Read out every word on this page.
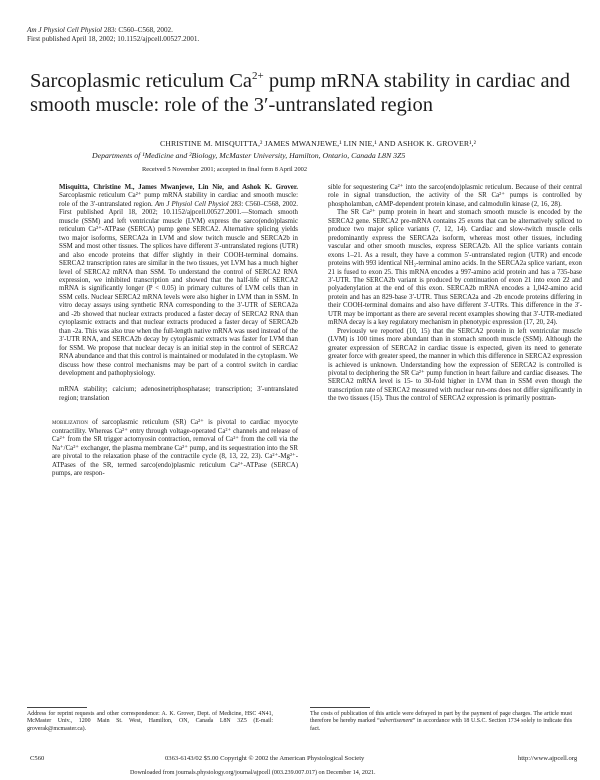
Am J Physiol Cell Physiol 283: C560–C568, 2002.
First published April 18, 2002; 10.1152/ajpcell.00527.2001.
Sarcoplasmic reticulum $Ca^{2+}$ pump mRNA stability in cardiac and smooth muscle: role of the 3′-untranslated region
CHRISTINE M. MISQUITTA,² JAMES MWANJEWE,¹ LIN NIE,¹ AND ASHOK K. GROVER¹,²
Departments of ¹Medicine and ²Biology, McMaster University, Hamilton, Ontario, Canada L8N 3Z5
Received 5 November 2001; accepted in final form 8 April 2002

Misquitta, Christine M., James Mwanjewe, Lin Nie, and Ashok K. Grover. Sarcoplasmic reticulum Ca²⁺ pump mRNA stability in cardiac and smooth muscle: role of the 3′-untranslated region. Am J Physiol Cell Physiol 283: C560–C568, 2002. First published April 18, 2002; 10.1152/ajpcell.00527.2001.—Stomach smooth muscle (SSM) and left ventricular muscle (LVM) express the sarco(endo)plasmic reticulum Ca²⁺-ATPase (SERCA) pump gene SERCA2. Alternative splicing yields two major isoforms, SERCA2a in LVM and slow twitch muscle and SERCA2b in SSM and most other tissues. The splices have different 3′-untranslated regions (UTR) and also encode proteins that differ slightly in their COOH-terminal domains. SERCA2 transcription rates are similar in the two tissues, yet LVM has a much higher level of SERCA2 mRNA than SSM. To understand the control of SERCA2 RNA expression, we inhibited transcription and showed that the half-life of SERCA2 mRNA is significantly longer (P < 0.05) in primary cultures of LVM cells than in SSM cells. Nuclear SERCA2 mRNA levels were also higher in LVM than in SSM. In vitro decay assays using synthetic RNA corresponding to the 3′-UTR of SERCA2a and -2b showed that nuclear extracts produced a faster decay of SERCA2 RNA than cytoplasmic extracts and that nuclear extracts produced a faster decay of SERCA2b than -2a. This was also true when the full-length native mRNA was used instead of the 3′-UTR RNA, and SERCA2b decay by cytoplasmic extracts was faster for LVM than for SSM. We propose that nuclear decay is an initial step in the control of SERCA2 RNA abundance and that this control is maintained or modulated in the cytoplasm. We discuss how these control mechanisms may be part of a control switch in cardiac development and pathophysiology.

mRNA stability; calcium; adenosinetriphosphatase; transcription; 3′-untranslated region; translation

mobilization of sarcoplasmic reticulum (SR) Ca²⁺ is pivotal to cardiac myocyte contractility. Whereas Ca²⁺ entry through voltage-operated Ca²⁺ channels and release of Ca²⁺ from the SR trigger actomyosin contraction, removal of Ca²⁺ from the cell via the Na⁺/Ca²⁺ exchanger, the plasma membrane Ca²⁺ pump, and its sequestration into the SR are pivotal to the relaxation phase of the contractile cycle (8, 13, 22, 23). Ca²⁺-Mg²⁺-ATPases of the SR, termed sarco(endo)plasmic reticulum Ca²⁺-ATPase (SERCA) pumps, are respon-

sible for sequestering Ca²⁺ into the sarco(endo)plasmic reticulum. Because of their central role in signal transduction, the activity of the SR Ca²⁺ pumps is controlled by phospholamban, cAMP-dependent protein kinase, and calmodulin kinase (2, 16, 28).

The SR Ca²⁺ pump protein in heart and stomach smooth muscle is encoded by the SERCA2 gene. SERCA2 pre-mRNA contains 25 exons that can be alternatively spliced to produce two major splice variants (7, 12, 14). Cardiac and slow-twitch muscle cells predominantly express the SERCA2a isoform, whereas most other tissues, including vascular and other smooth muscles, express SERCA2b. All the splice variants contain exons 1–21. As a result, they have a common 5′-untranslated region (UTR) and encode proteins with 993 identical NH₂-terminal amino acids. In the SERCA2a splice variant, exon 21 is fused to exon 25. This mRNA encodes a 997-amino acid protein and has a 735-base 3′-UTR. The SERCA2b variant is produced by continuation of exon 21 into exon 22 and polyadenylation at the end of this exon. SERCA2b mRNA encodes a 1,042-amino acid protein and has an 829-base 3′-UTR. Thus SERCA2a and -2b encode proteins differing in their COOH-terminal domains and also have different 3′-UTRs. This difference in the 3′-UTR may be important as there are several recent examples showing that 3′-UTR-mediated mRNA decay is a key regulatory mechanism in phenotypic expression (17, 20, 24).

Previously we reported (10, 15) that the SERCA2 protein in left ventricular muscle (LVM) is 100 times more abundant than in stomach smooth muscle (SSM). Although the greater expression of SERCA2 in cardiac tissue is expected, given its need to generate greater force with greater speed, the manner in which this difference in SERCA2 expression is achieved is unknown. Understanding how the expression of SERCA2 is controlled is pivotal to deciphering the SR Ca²⁺ pump function in heart failure and cardiac diseases. The SERCA2 mRNA level is 15- to 30-fold higher in LVM than in SSM even though the transcription rate of SERCA2 measured with nuclear run-ons does not differ significantly in the two tissues (15). Thus the control of SERCA2 expression is primarily posttran-

Address for reprint requests and other correspondence: A. K. Grover, Dept. of Medicine, HSC 4N41, McMaster Univ., 1200 Main St. West, Hamilton, ON, Canada L8N 3Z5 (E-mail: groverak@mcmaster.ca).
The costs of publication of this article were defrayed in part by the payment of page charges. The article must therefore be hereby marked “advertisement” in accordance with 18 U.S.C. Section 1734 solely to indicate this fact.
C560	0363-6143/02 $5.00 Copyright © 2002 the American Physiological Society	http://www.ajpcell.org
Downloaded from journals.physiology.org/journal/ajpcell (003.239.007.017) on December 14, 2021.
